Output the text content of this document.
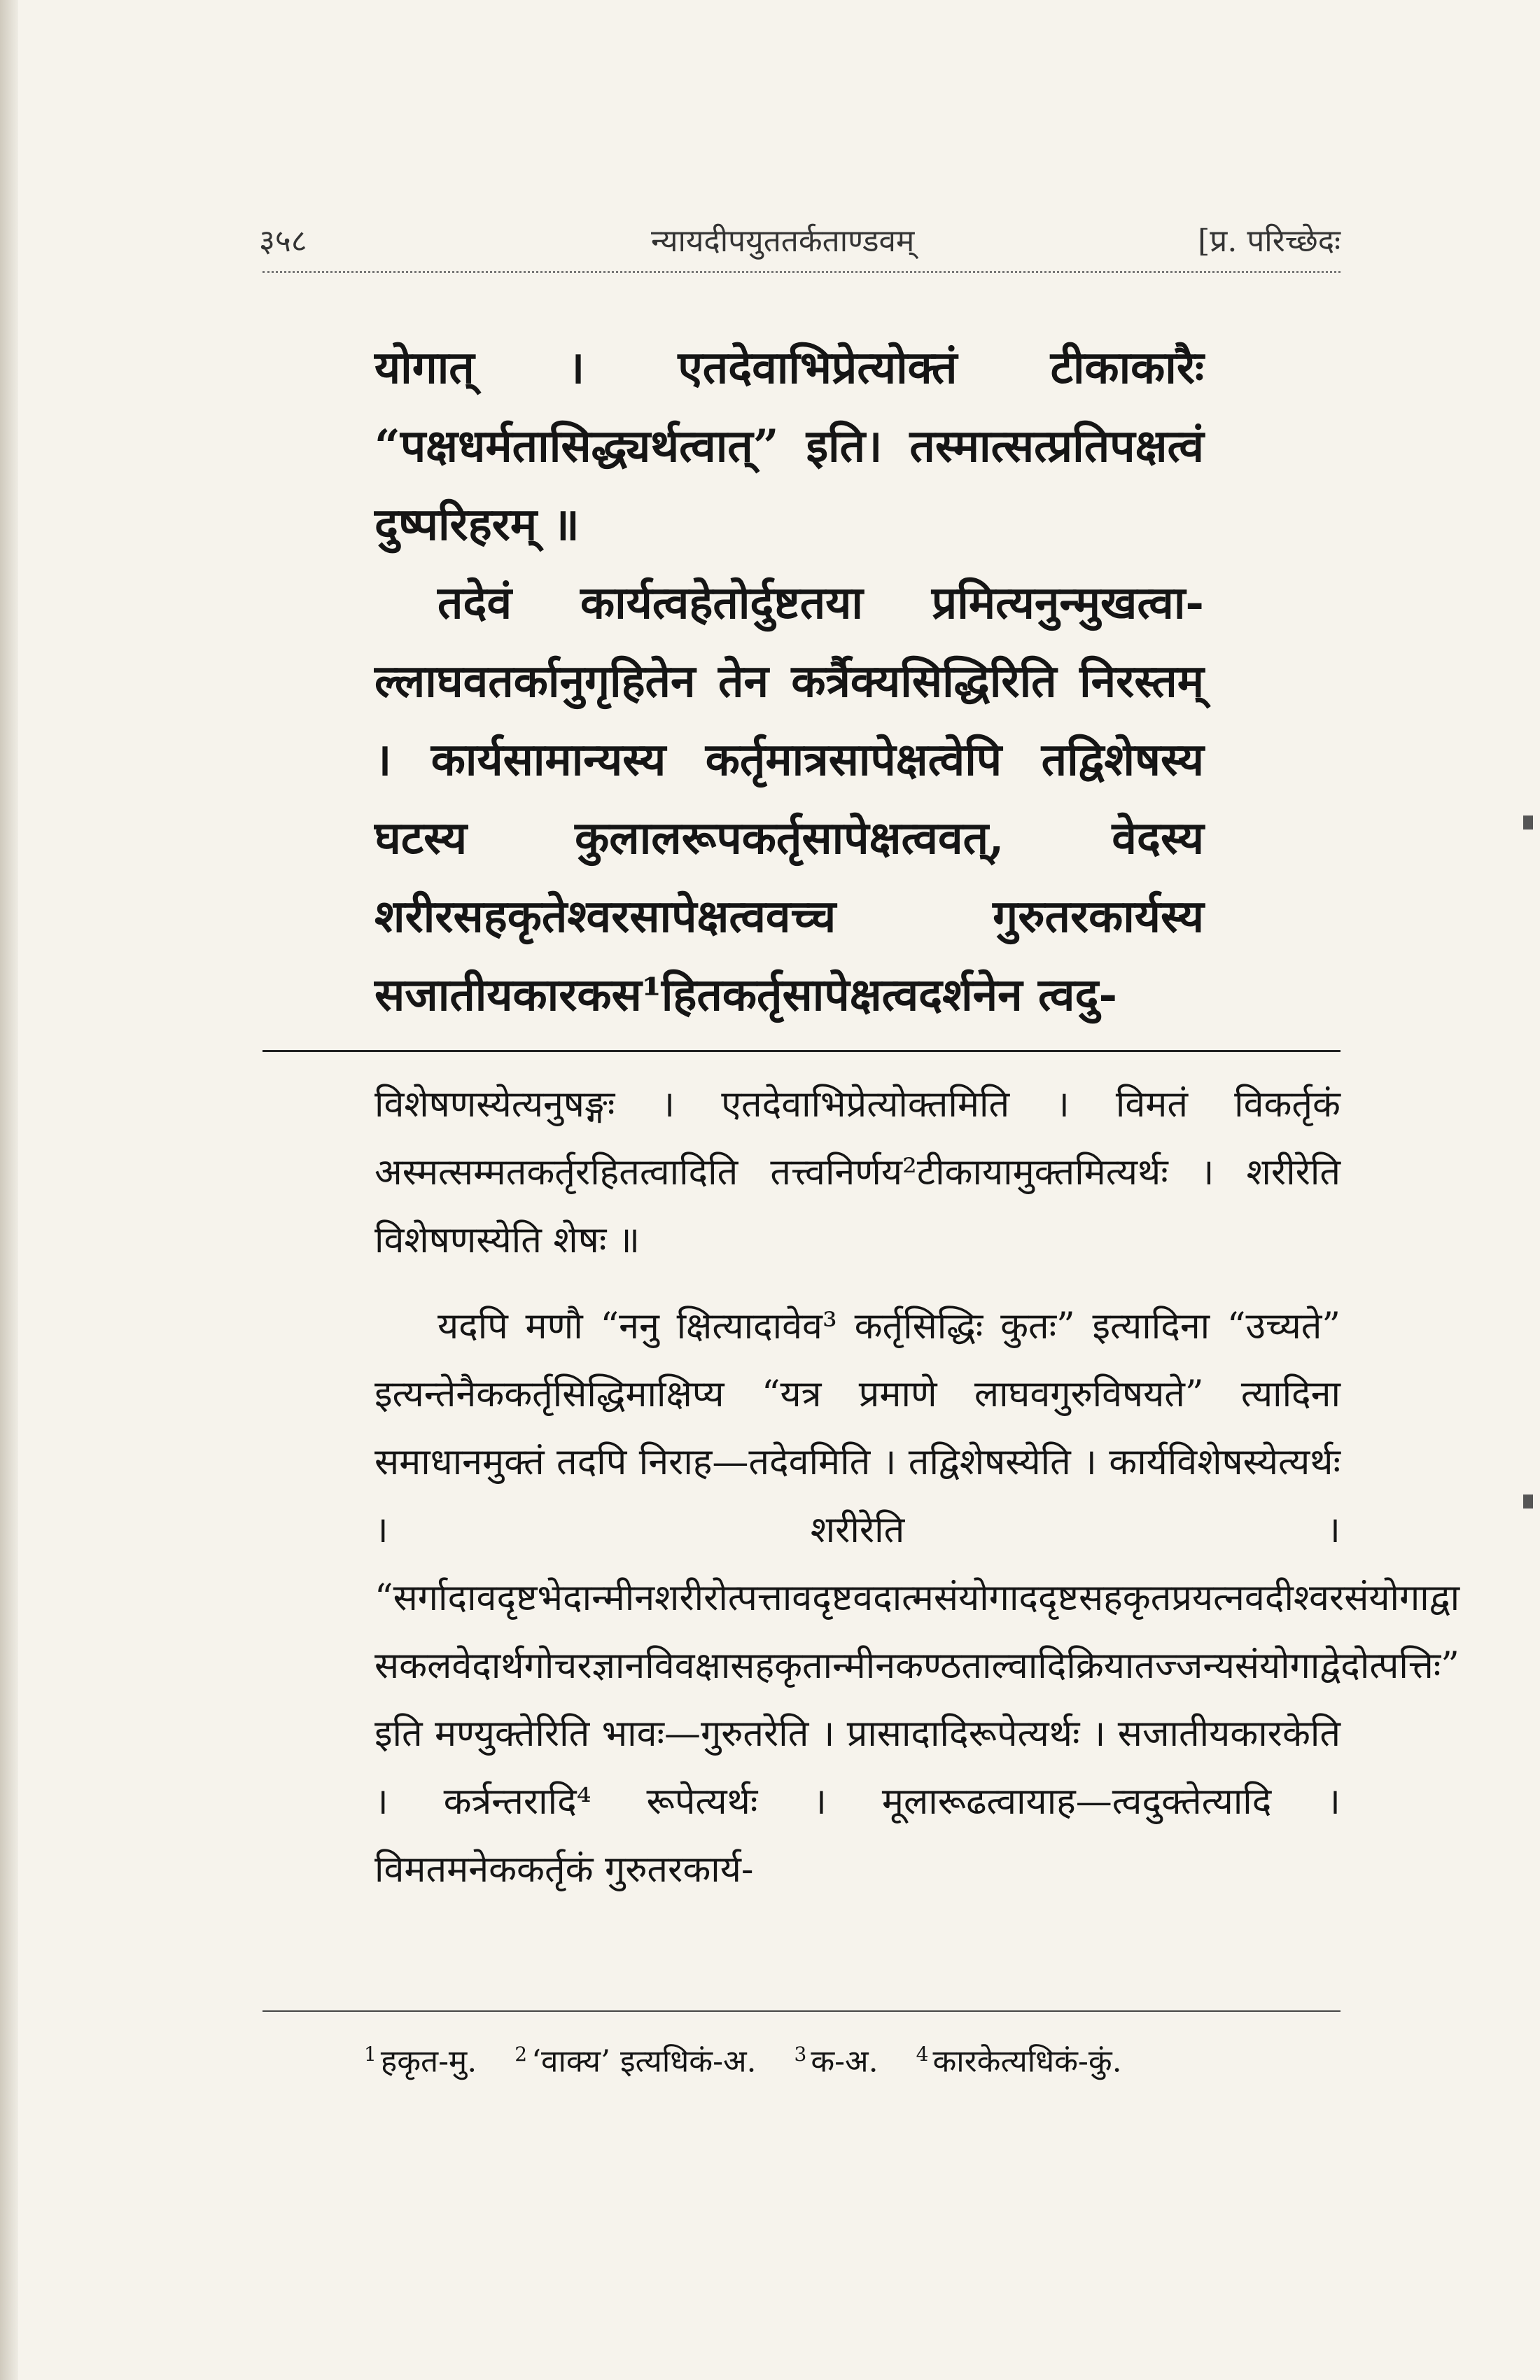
३५८	न्यायदीपयुततर्कताण्डवम्	[प्र. परिच्छेदः

योगात् । एतदेवाभिप्रेत्योक्तं टीकाकारैः “पक्षधर्मतासिद्ध्यर्थत्वात्” इति। तस्मात्सत्प्रतिपक्षत्वं दुष्परिहरम् ॥

तदेवं कार्यत्वहेतोर्दुष्टतया प्रमित्यनुन्मुखत्वा-ल्लाघवतर्कानुगृहितेन तेन कर्त्रैक्यसिद्धिरिति निरस्तम् । कार्यसामान्यस्य कर्तृमात्रसापेक्षत्वेपि तद्विशेषस्य घटस्य कुलालरूपकर्तृसापेक्षत्ववत्, वेदस्य शरीरसहकृतेश्वरसापेक्षत्ववच्च गुरुतरकार्यस्य सजातीयकारकस¹हितकर्तृसापेक्षत्वदर्शनेन त्वदु-

विशेषणस्येत्यनुषङ्गः । एतदेवाभिप्रेत्योक्तमिति । विमतं विकर्तृकं अस्मत्सम्मतकर्तृरहितत्वादिति तत्त्वनिर्णय²टीकायामुक्तमित्यर्थः । शरीरेति विशेषणस्येति शेषः ॥

यदपि मणौ “ननु क्षित्यादावेव³ कर्तृसिद्धिः कुतः” इत्यादिना “उच्यते” इत्यन्तेनैककर्तृसिद्धिमाक्षिप्य “यत्र प्रमाणे लाघवगुरुविषयते” त्यादिना समाधानमुक्तं तदपि निराह—तदेवमिति । तद्विशेषस्येति । कार्यविशेषस्येत्यर्थः । शरीरेति । “सर्गादावदृष्टभेदान्मीनशरीरोत्पत्तावदृष्टवदात्मसंयोगाददृष्टसहकृतप्रयत्नवदीश्वरसंयोगाद्वा सकलवेदार्थगोचरज्ञानविवक्षासहकृतान्मीनकण्ठताल्वादिक्रियातज्जन्यसंयोगाद्वेदोत्पत्तिः” इति मण्युक्तेरिति भावः—गुरुतरेति । प्रासादादिरूपेत्यर्थः । सजातीयकारकेति । कर्त्रन्तरादि⁴ रूपेत्यर्थः । मूलारूढत्वायाह—त्वदुक्तेत्यादि । विमतमनेककर्तृकं गुरुतरकार्य-

$^1$ हकृत-मु. $^2$ ‘वाक्य’ इत्यधिकं-अ. $^3$ क-अ. $^4$ कारकेत्यधिकं-कुं.
